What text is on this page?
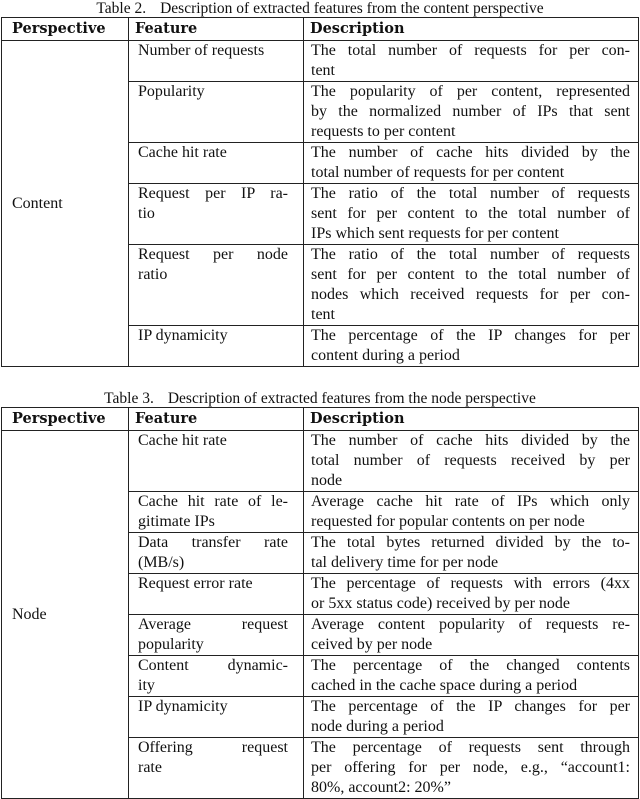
Table 2. Description of extracted features from the content perspective
Perspective	Feature	Description
Content	Number of requests	The total number of requests for per con-
tent

	Popularity	The popularity of per content, represented
by the normalized number of IPs that sent
requests to per content

	Cache hit rate	The number of cache hits divided by the
total number of requests for per content

	Request per IP ra-
tio	The ratio of the total number of requests
sent for per content to the total number of
IPs which sent requests for per content

	Request per node
ratio	The ratio of the total number of requests
sent for per content to the total number of
nodes which received requests for per con-
tent

	IP dynamicity	The percentage of the IP changes for per
content during a period
Table 3. Description of extracted features from the node perspective
Perspective	Feature	Description
Node	Cache hit rate	The number of cache hits divided by the
total number of requests received by per
node

	Cache hit rate of le-
gitimate IPs	Average cache hit rate of IPs which only
requested for popular contents on per node

	Data transfer rate
(MB/s)	The total bytes returned divided by the to-
tal delivery time for per node

	Request error rate	The percentage of requests with errors (4xx
or 5xx status code) received by per node

	Average request
popularity	Average content popularity of requests re-
ceived by per node

	Content dynamic-
ity	The percentage of the changed contents
cached in the cache space during a period

	IP dynamicity	The percentage of the IP changes for per
node during a period

	Offering request
rate	The percentage of requests sent through
per offering for per node, e.g., “account1:
80%, account2: 20%”
